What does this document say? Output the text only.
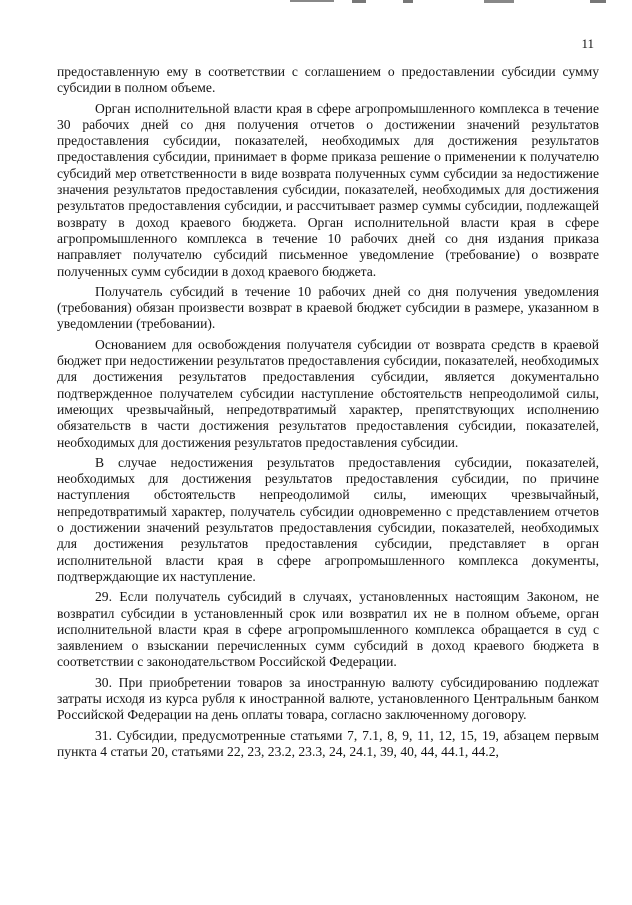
11

предоставленную ему в соответствии с соглашением о предоставлении субсидии сумму субсидии в полном объеме.

Орган исполнительной власти края в сфере агропромышленного комплекса в течение 30 рабочих дней со дня получения отчетов о достижении значений результатов предоставления субсидии, показателей, необходимых для достижения результатов предоставления субсидии, принимает в форме приказа решение о применении к получателю субсидий мер ответственности в виде возврата полученных сумм субсидии за недостижение значения результатов предоставления субсидии, показателей, необходимых для достижения результатов предоставления субсидии, и рассчитывает размер суммы субсидии, подлежащей возврату в доход краевого бюджета. Орган исполнительной власти края в сфере агропромышленного комплекса в течение 10 рабочих дней со дня издания приказа направляет получателю субсидий письменное уведомление (требование) о возврате полученных сумм субсидии в доход краевого бюджета.

Получатель субсидий в течение 10 рабочих дней со дня получения уведомления (требования) обязан произвести возврат в краевой бюджет субсидии в размере, указанном в уведомлении (требовании).

Основанием для освобождения получателя субсидии от возврата средств в краевой бюджет при недостижении результатов предоставления субсидии, показателей, необходимых для достижения результатов предоставления субсидии, является документально подтвержденное получателем субсидии наступление обстоятельств непреодолимой силы, имеющих чрезвычайный, непредотвратимый характер, препятствующих исполнению обязательств в части достижения результатов предоставления субсидии, показателей, необходимых для достижения результатов предоставления субсидии.

В случае недостижения результатов предоставления субсидии, показателей, необходимых для достижения результатов предоставления субсидии, по причине наступления обстоятельств непреодолимой силы, имеющих чрезвычайный, непредотвратимый характер, получатель субсидии одновременно с представлением отчетов о достижении значений результатов предоставления субсидии, показателей, необходимых для достижения результатов предоставления субсидии, представляет в орган исполнительной власти края в сфере агропромышленного комплекса документы, подтверждающие их наступление.

29. Если получатель субсидий в случаях, установленных настоящим Законом, не возвратил субсидии в установленный срок или возвратил их не в полном объеме, орган исполнительной власти края в сфере агропромышленного комплекса обращается в суд с заявлением о взыскании перечисленных сумм субсидий в доход краевого бюджета в соответствии с законодательством Российской Федерации.

30. При приобретении товаров за иностранную валюту субсидированию подлежат затраты исходя из курса рубля к иностранной валюте, установленного Центральным банком Российской Федерации на день оплаты товара, согласно заключенному договору.

31. Субсидии, предусмотренные статьями 7, 7.1, 8, 9, 11, 12, 15, 19, абзацем первым пункта 4 статьи 20, статьями 22, 23, 23.2, 23.3, 24, 24.1, 39, 40, 44, 44.1, 44.2,
